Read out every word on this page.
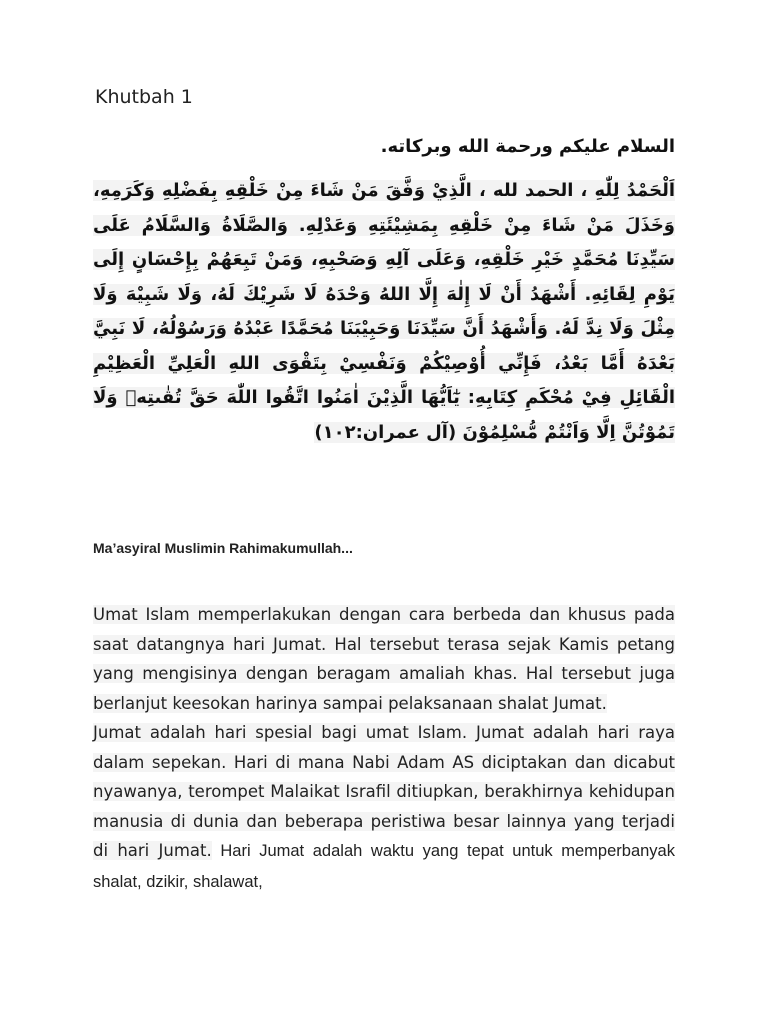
Khutbah 1

السلام عليكم ورحمة الله وبركاته.

اَلْحَمْدُ لِلّٰهِ ، الحمد لله ، الَّذِيْ وَفَّقَ مَنْ شَاءَ مِنْ خَلْقِهِ بِفَضْلِهِ وَكَرَمِهِ، وَخَذَلَ مَنْ شَاءَ مِنْ خَلْقِهِ بِمَشِيْئَتِهِ وَعَدْلِهِ. وَالصَّلَاةُ وَالسَّلَامُ عَلَى سَيِّدِنَا مُحَمَّدٍ خَيْرِ خَلْقِهِ، وَعَلَى آلِهِ وَصَحْبِهِ، وَمَنْ تَبِعَهُمْ بِإِحْسَانٍ إِلَى يَوْمِ لِقَائِهِ. أَشْهَدُ أَنْ لَا إِلٰهَ إِلَّا اللهُ وَحْدَهُ لَا شَرِيْكَ لَهُ، وَلَا شَبِيْهَ وَلَا مِثْلَ وَلَا نِدَّ لَهُ. وَأَشْهَدُ أَنَّ سَيِّدَنَا وَحَبِيْبَنَا مُحَمَّدًا عَبْدُهُ وَرَسُوْلُهُ، لَا نَبِيَّ بَعْدَهُ أَمَّا بَعْدُ، فَإِنِّي أُوْصِيْكُمْ وَنَفْسِيْ بِتَقْوَى اللهِ الْعَلِيِّ الْعَظِيْمِ الْقَائِلِ فِيْ مُحْكَمِ كِتَابِهِ: يٰٓاَيُّهَا الَّذِيْنَ اٰمَنُوا اتَّقُوا اللّٰهَ حَقَّ تُقٰىتِهٖ وَلَا تَمُوْتُنَّ اِلَّا وَاَنْتُمْ مُّسْلِمُوْنَ (آل عمران:١٠٢)

Ma’asyiral Muslimin Rahimakumullah...

Umat Islam memperlakukan dengan cara berbeda dan khusus pada saat datangnya hari Jumat. Hal tersebut terasa sejak Kamis petang yang mengisinya dengan beragam amaliah khas. Hal tersebut juga berlanjut keesokan harinya sampai pelaksanaan shalat Jumat.

Jumat adalah hari spesial bagi umat Islam. Jumat adalah hari raya dalam sepekan. Hari di mana Nabi Adam AS diciptakan dan dicabut nyawanya, terompet Malaikat Israfil ditiupkan, berakhirnya kehidupan manusia di dunia dan beberapa peristiwa besar lainnya yang terjadi di hari Jumat. Hari Jumat adalah waktu yang tepat untuk memperbanyak shalat, dzikir, shalawat,
